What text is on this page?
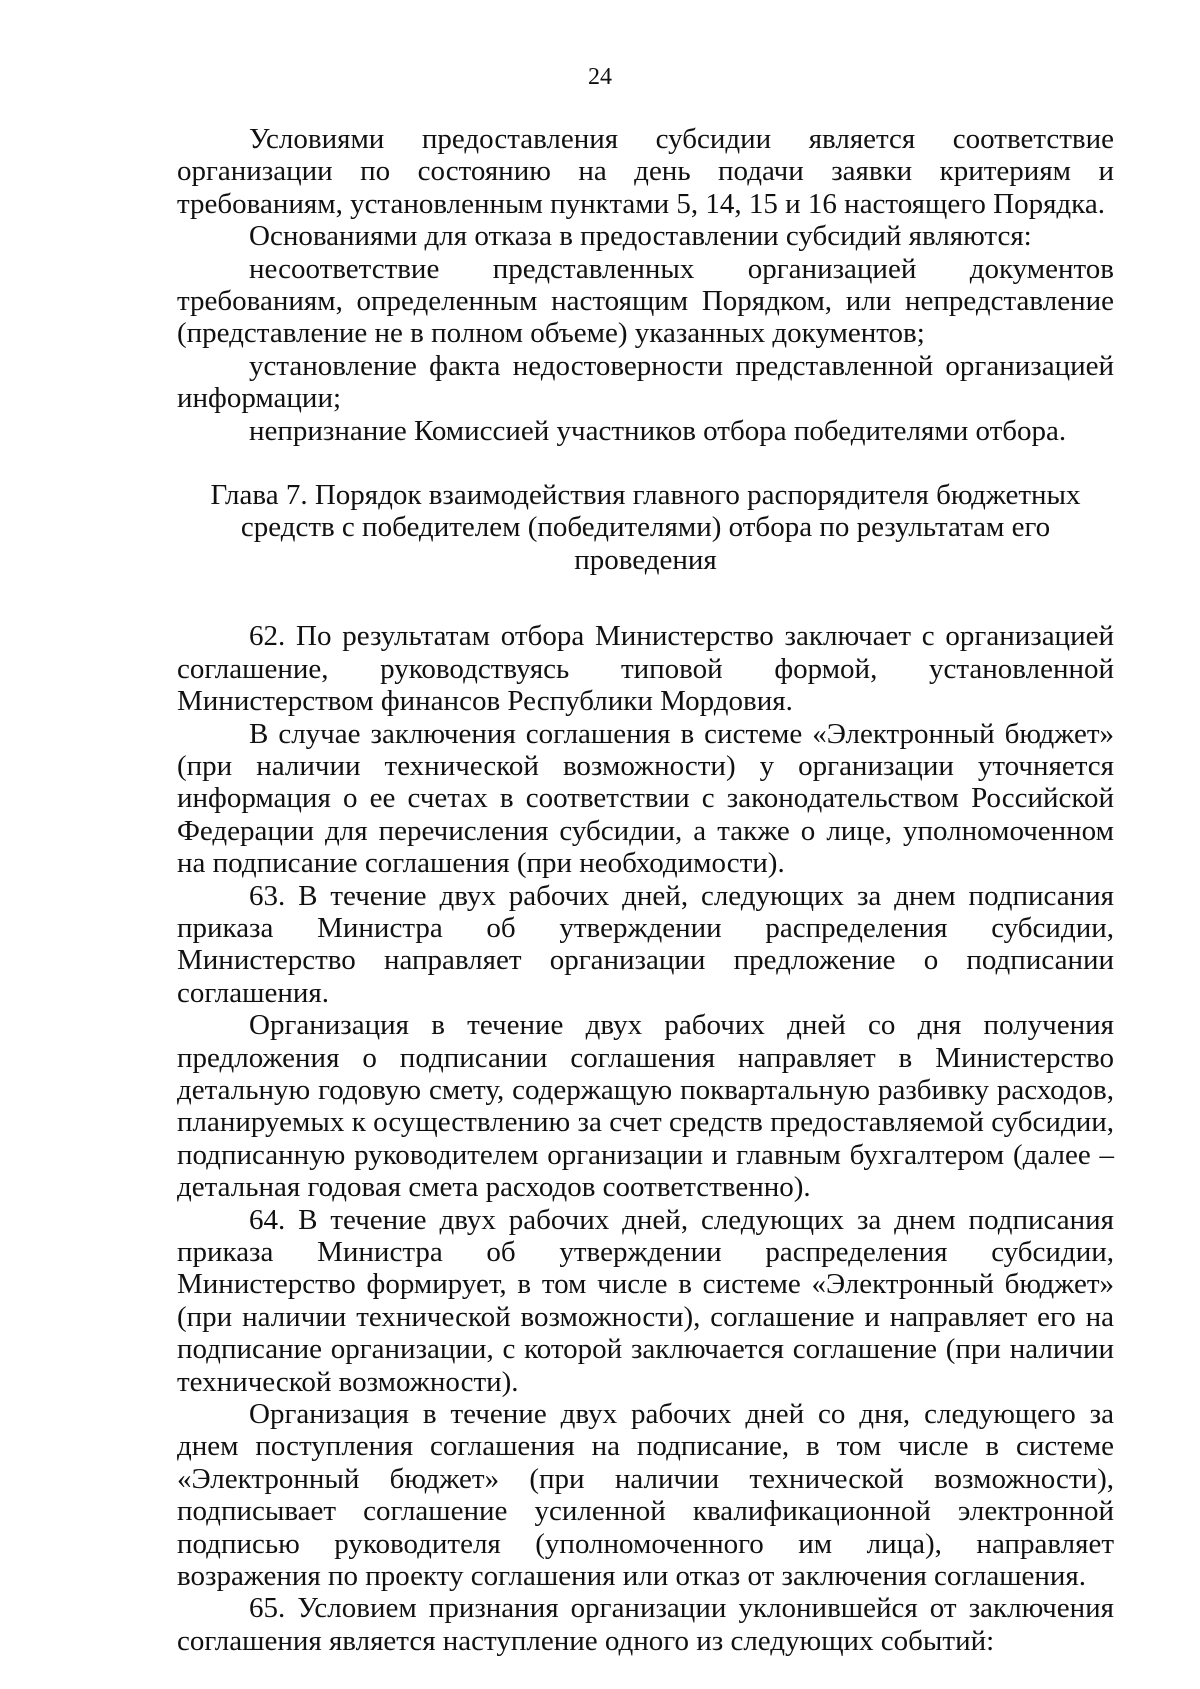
24

Условиями предоставления субсидии является соответствие организации по состоянию на день подачи заявки критериям и требованиям, установленным пунктами 5, 14, 15 и 16 настоящего Порядка.

Основаниями для отказа в предоставлении субсидий являются:

несоответствие представленных организацией документов требованиям, определенным настоящим Порядком, или непредставление (представление не в полном объеме) указанных документов;

установление факта недостоверности представленной организацией информации;

непризнание Комиссией участников отбора победителями отбора.

Глава 7. Порядок взаимодействия главного распорядителя бюджетных
средств с победителем (победителями) отбора по результатам его проведения

62. По результатам отбора Министерство заключает с организацией соглашение, руководствуясь типовой формой, установленной Министерством финансов Республики Мордовия.

В случае заключения соглашения в системе «Электронный бюджет» (при наличии технической возможности) у организации уточняется информация о ее счетах в соответствии с законодательством Российской Федерации для перечисления субсидии, а также о лице, уполномоченном на подписание соглашения (при необходимости).

63. В течение двух рабочих дней, следующих за днем подписания приказа Министра об утверждении распределения субсидии, Министерство направляет организации предложение о подписании соглашения.

Организация в течение двух рабочих дней со дня получения предложения о подписании соглашения направляет в Министерство детальную годовую смету, содержащую поквартальную разбивку расходов, планируемых к осуществлению за счет средств предоставляемой субсидии, подписанную руководителем организации и главным бухгалтером (далее – детальная годовая смета расходов соответственно).

64. В течение двух рабочих дней, следующих за днем подписания приказа Министра об утверждении распределения субсидии, Министерство формирует, в том числе в системе «Электронный бюджет» (при наличии технической возможности), соглашение и направляет его на подписание организации, с которой заключается соглашение (при наличии технической возможности).

Организация в течение двух рабочих дней со дня, следующего за днем поступления соглашения на подписание, в том числе в системе «Электронный бюджет» (при наличии технической возможности), подписывает соглашение усиленной квалификационной электронной подписью руководителя (уполномоченного им лица), направляет возражения по проекту соглашения или отказ от заключения соглашения.

65. Условием признания организации уклонившейся от заключения соглашения является наступление одного из следующих событий:
